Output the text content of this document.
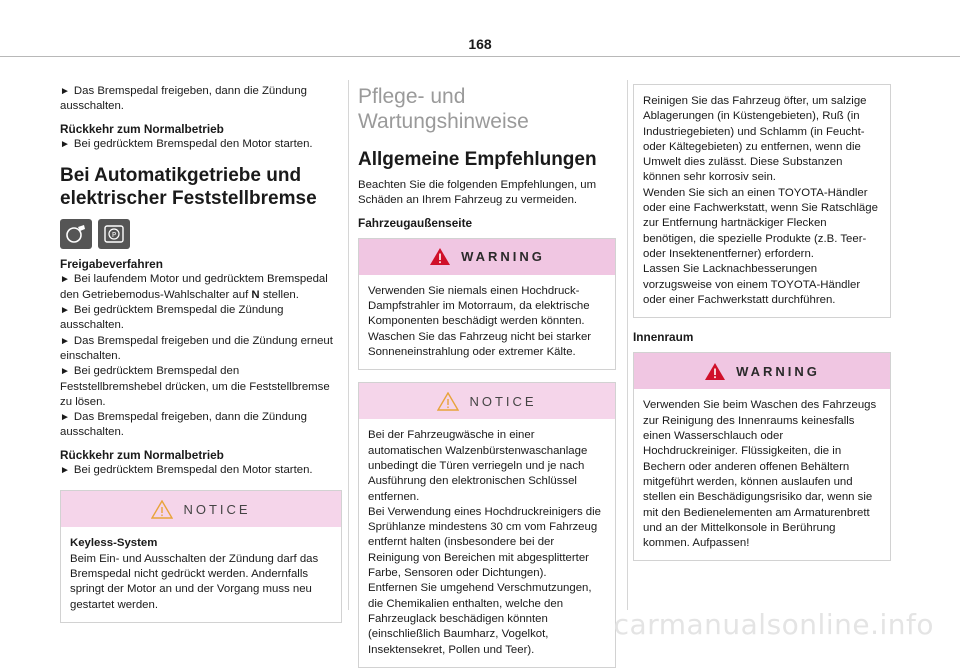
168

► Das Bremspedal freigeben, dann die Zündung ausschalten.

Rückkehr zum Normalbetrieb

► Bei gedrücktem Bremspedal den Motor starten.

Bei Automatikgetriebe und elektrischer Feststellbremse

P

Freigabeverfahren

► Bei laufendem Motor und gedrücktem Bremspedal den Getriebemodus-Wahlschalter auf N stellen.

► Bei gedrücktem Bremspedal die Zündung ausschalten.

► Das Bremspedal freigeben und die Zündung erneut einschalten.

► Bei gedrücktem Bremspedal den Feststellbremshebel drücken, um die Feststellbremse zu lösen.

► Das Bremspedal freigeben, dann die Zündung ausschalten.

Rückkehr zum Normalbetrieb

► Bei gedrücktem Bremspedal den Motor starten.

NOTICE

Keyless-System

Beim Ein- und Ausschalten der Zündung darf das Bremspedal nicht gedrückt werden. Andernfalls springt der Motor an und der Vorgang muss neu gestartet werden.

Pflege- und Wartungshinweise

Allgemeine Empfehlungen

Beachten Sie die folgenden Empfehlungen, um Schäden an Ihrem Fahrzeug zu vermeiden.

Fahrzeugaußenseite

WARNING

Verwenden Sie niemals einen Hochdruck-Dampfstrahler im Motorraum, da elektrische Komponenten beschädigt werden könnten. Waschen Sie das Fahrzeug nicht bei starker Sonneneinstrahlung oder extremer Kälte.

NOTICE

Bei der Fahrzeugwäsche in einer automatischen Walzenbürstenwaschanlage unbedingt die Türen verriegeln und je nach Ausführung den elektronischen Schlüssel entfernen.
Bei Verwendung eines Hochdruckreinigers die Sprühlanze mindestens 30 cm vom Fahrzeug entfernt halten (insbesondere bei der Reinigung von Bereichen mit abgesplitterter Farbe, Sensoren oder Dichtungen).
Entfernen Sie umgehend Verschmutzungen, die Chemikalien enthalten, welche den Fahrzeuglack beschädigen könnten (einschließlich Baumharz, Vogelkot, Insektensekret, Pollen und Teer).

Reinigen Sie das Fahrzeug öfter, um salzige Ablagerungen (in Küstengebieten), Ruß (in Industriegebieten) und Schlamm (in Feucht- oder Kältegebieten) zu entfernen, wenn die Umwelt dies zulässt. Diese Substanzen können sehr korrosiv sein.
Wenden Sie sich an einen TOYOTA-Händler oder eine Fachwerkstatt, wenn Sie Ratschläge zur Entfernung hartnäckiger Flecken benötigen, die spezielle Produkte (z.B. Teer- oder Insektenentferner) erfordern.
Lassen Sie Lacknachbesserungen vorzugsweise von einem TOYOTA-Händler oder einer Fachwerkstatt durchführen.

Innenraum

WARNING

Verwenden Sie beim Waschen des Fahrzeugs zur Reinigung des Innenraums keinesfalls einen Wasserschlauch oder Hochdruckreiniger. Flüssigkeiten, die in Bechern oder anderen offenen Behältern mitgeführt werden, können auslaufen und stellen ein Beschädigungsrisiko dar, wenn sie mit den Bedienelementen am Armaturenbrett und an der Mittelkonsole in Berührung kommen. Aufpassen!

carmanualsonline.info
